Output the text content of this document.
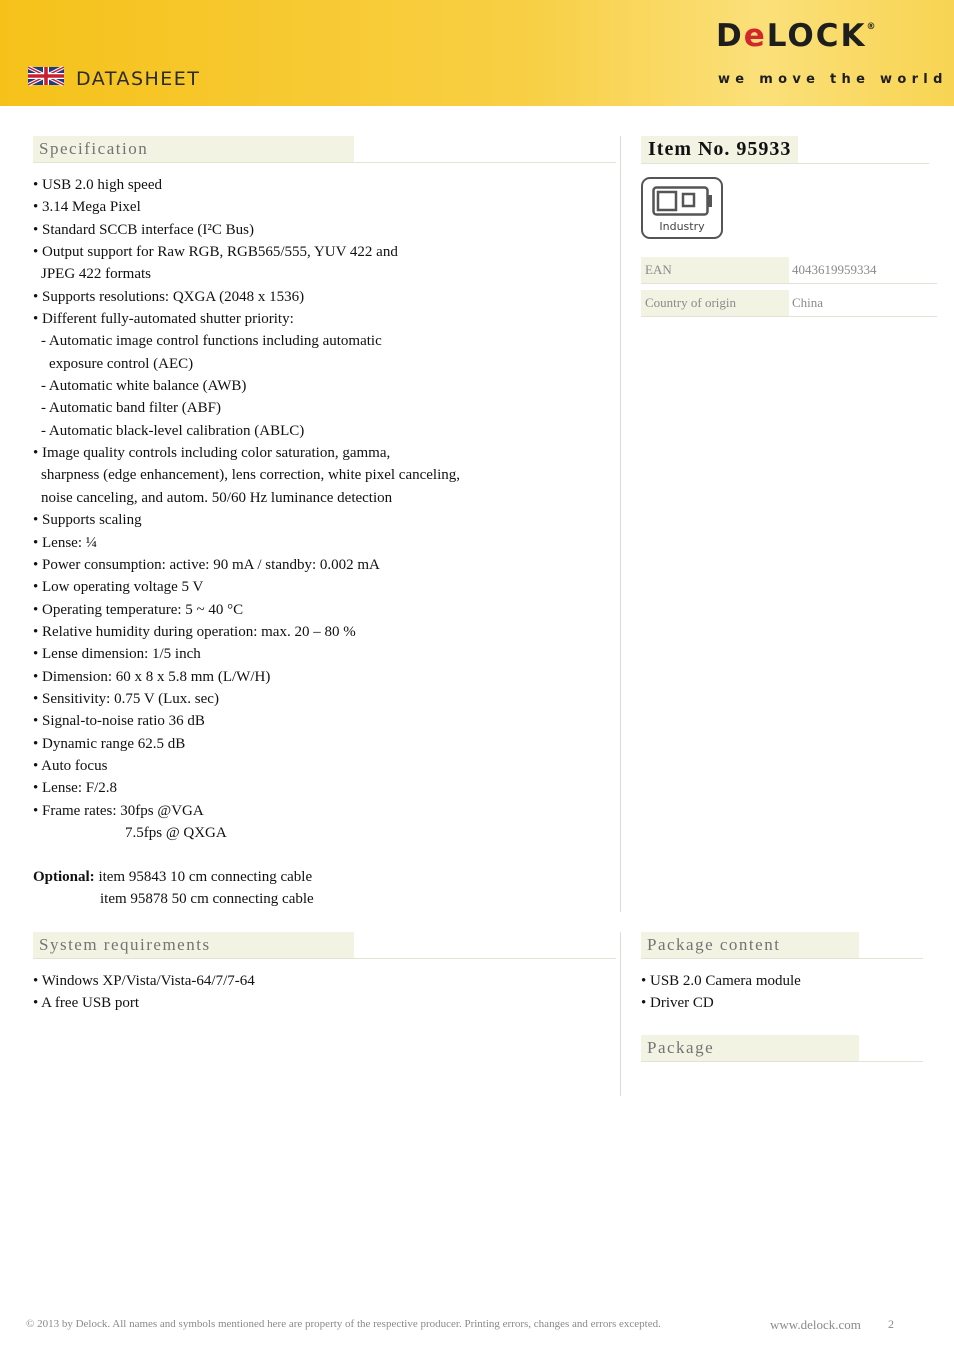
DATASHEET
DeLOCK®
we move the world
Specification
• USB 2.0 high speed
• 3.14 Mega Pixel
• Standard SCCB interface (I²C Bus)
• Output support for Raw RGB, RGB565/555, YUV 422 and
JPEG 422 formats
• Supports resolutions: QXGA (2048 x 1536)
• Different fully-automated shutter priority:
- Automatic image control functions including automatic
exposure control (AEC)
- Automatic white balance (AWB)
- Automatic band filter (ABF)
- Automatic black-level calibration (ABLC)
• Image quality controls including color saturation, gamma,
sharpness (edge enhancement), lens correction, white pixel canceling,
noise canceling, and autom. 50/60 Hz luminance detection
• Supports scaling
• Lense: ¼
• Power consumption: active: 90 mA / standby: 0.002 mA
• Low operating voltage 5 V
• Operating temperature: 5 ~ 40 °C
• Relative humidity during operation: max. 20 – 80 %
• Lense dimension: 1/5 inch
• Dimension: 60 x 8 x 5.8 mm (L/W/H)
• Sensitivity: 0.75 V (Lux. sec)
• Signal-to-noise ratio 36 dB
• Dynamic range 62.5 dB
• Auto focus
• Lense: F/2.8
• Frame rates: 30fps @VGA
7.5fps @ QXGA
Optional: item 95843 10 cm connecting cable
item 95878 50 cm connecting cable
Item No. 95933
Industry
EAN	4043619959334
Country of origin	China
System requirements
• Windows XP/Vista/Vista-64/7/7-64
• A free USB port
Package content
• USB 2.0 Camera module
• Driver CD
Package
© 2013 by Delock. All names and symbols mentioned here are property of the respective producer. Printing errors, changes and errors excepted.	www.delock.com 2
